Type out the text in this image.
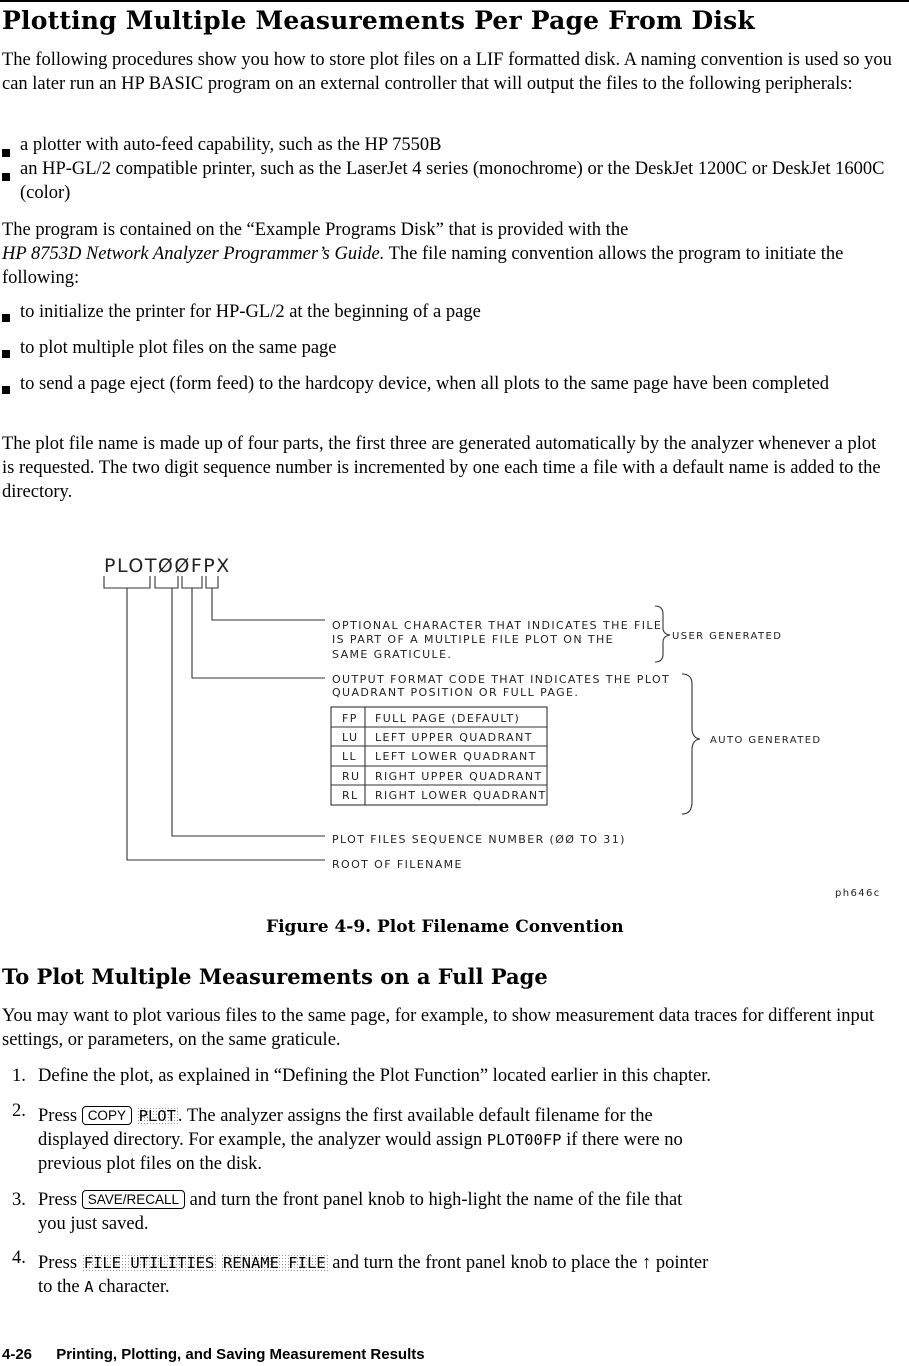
Plotting Multiple Measurements Per Page From Disk

The following procedures show you how to store plot files on a LIF formatted disk. A naming convention is used so you can later run an HP BASIC program on an external controller that will output the files to the following peripherals:

a plotter with auto-feed capability, such as the HP 7550B
an HP-GL/2 compatible printer, such as the LaserJet 4 series (monochrome) or the DeskJet 1200C or DeskJet 1600C (color)

The program is contained on the “Example Programs Disk” that is provided with the
HP 8753D Network Analyzer Programmer’s Guide. The file naming convention allows the program to initiate the following:

to initialize the printer for HP-GL/2 at the beginning of a page
to plot multiple plot files on the same page
to send a page eject (form feed) to the hardcopy device, when all plots to the same page have been completed

The plot file name is made up of four parts, the first three are generated automatically by the analyzer whenever a plot is requested. The two digit sequence number is incremented by one each time a file with a default name is added to the directory.

PLOTØØFPX
OPTIONAL CHARACTER THAT INDICATES THE FILE
IS PART OF A MULTIPLE FILE PLOT ON THE
SAME GRATICULE.
USER GENERATED
OUTPUT FORMAT CODE THAT INDICATES THE PLOT
QUADRANT POSITION OR FULL PAGE.
FP FULL PAGE (DEFAULT)
LU LEFT UPPER QUADRANT
LL LEFT LOWER QUADRANT
RU RIGHT UPPER QUADRANT
RL RIGHT LOWER QUADRANT
AUTO GENERATED
PLOT FILES SEQUENCE NUMBER (ØØ TO 31)
ROOT OF FILENAME
ph646c
Figure 4-9. Plot Filename Convention
To Plot Multiple Measurements on a Full Page

You may want to plot various files to the same page, for example, to show measurement data traces for different input settings, or parameters, on the same graticule.

1. Define the plot, as explained in “Defining the Plot Function” located earlier in this chapter.
2. Press COPY PLOT . The analyzer assigns the first available default filename for the
displayed directory. For example, the analyzer would assign PLOT00FP if there were no
previous plot files on the disk.
3. Press SAVE/RECALL and turn the front panel knob to high-light the name of the file that
you just saved.
4. Press FILE UTILITIES RENAME FILE and turn the front panel knob to place the ↑ pointer
to the A character.
4-26 Printing, Plotting, and Saving Measurement Results
